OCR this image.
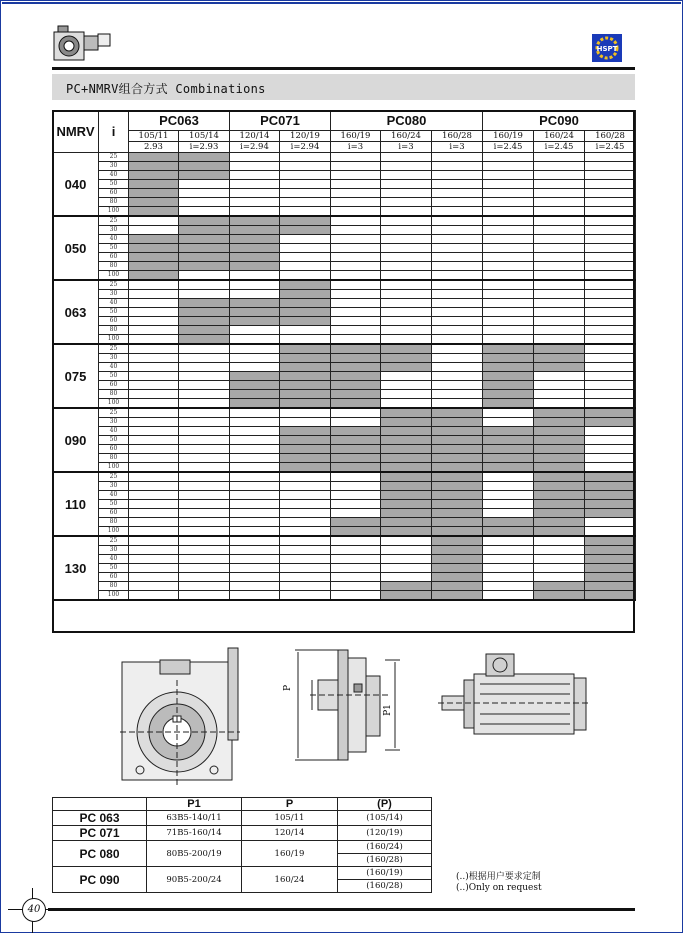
HSPT
PC+NMRV组合方式 Combinations
NMRV	i	PC063		PC071		PC080			PC090		
		105/11	105/14	120/14	120/19	160/19	160/24	160/28	160/19	160/24	160/28
		2.93	i=2.93	i=2.94	i=2.94	i=3	i=3	i=3	i=2.45	i=2.45	i=2.45
040	25										
	30										
	40										
	50										
	60										
	80										
	100										
050	25										
	30										
	40										
	50										
	60										
	80										
	100										
063	25										
	30										
	40										
	50										
	60										
	80										
	100										
075	25										
	30										
	40										
	50										
	60										
	80										
	100										
090	25										
	30										
	40										
	50										
	60										
	80										
	100										
110	25										
	30										
	40										
	50										
	60										
	80										
	100										
130	25										
	30										
	40										
	50										
	60										
	80										
	100										
P
P1
	P1	P	(P)
PC 063	63B5-140/11	105/11	(105/14)
PC 071	71B5-160/14	120/14	(120/19)
PC 080	80B5-200/19	160/19	(160/24)
			(160/28)
PC 090	90B5-200/24	160/24	(160/19)
			(160/28)
(..)根据用户要求定制
(..)Only on request
40
